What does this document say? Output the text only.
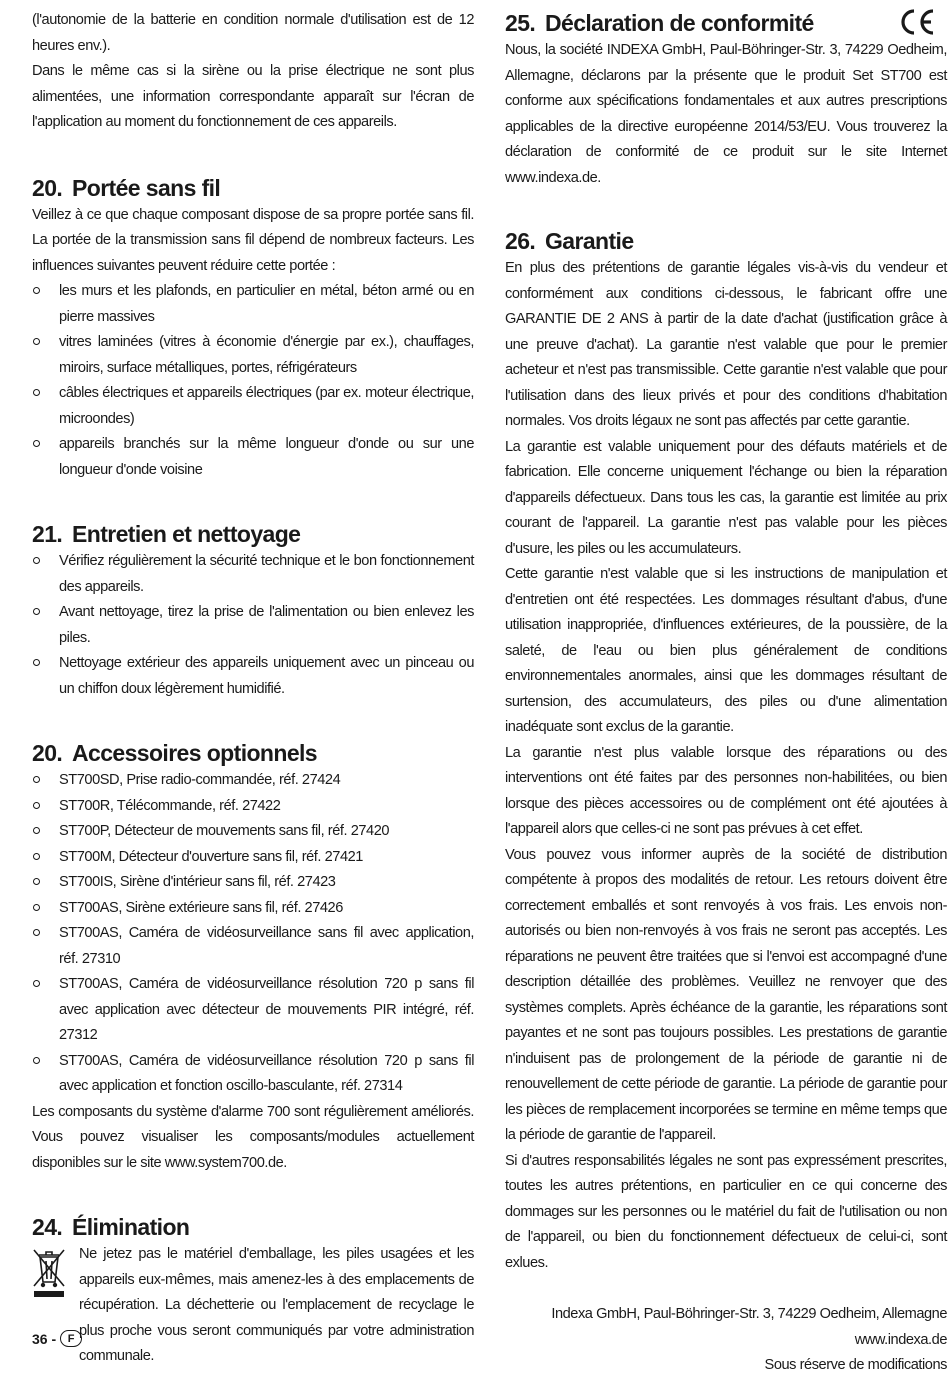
(l'autonomie de la batterie en condition normale d'utilisation est de 12 heures env.).

Dans le même cas si la sirène ou la prise électrique ne sont plus alimentées, une information correspondante apparaît sur l'écran de l'application au moment du fonctionnement de ces appareils.

20. Portée sans fil

Veillez à ce que chaque composant dispose de sa propre portée sans fil. La portée de la transmission sans fil dépend de nombreux facteurs. Les influences suivantes peuvent réduire cette portée :

les murs et les plafonds, en particulier en métal, béton armé ou en pierre massives
vitres laminées (vitres à économie d'énergie par ex.), chauffages, miroirs, surface métalliques, portes, réfrigérateurs
câbles électriques et appareils électriques (par ex. moteur électrique, microondes)
appareils branchés sur la même longueur d'onde ou sur une longueur d'onde voisine
21. Entretien et nettoyage
Vérifiez régulièrement la sécurité technique et le bon fonctionnement des appareils.
Avant nettoyage, tirez la prise de l'alimentation ou bien enlevez les piles.
Nettoyage extérieur des appareils uniquement avec un pinceau ou un chiffon doux légèrement humidifié.
20. Accessoires optionnels
ST700SD, Prise radio-commandée, réf. 27424
ST700R, Télécommande, réf. 27422
ST700P, Détecteur de mouvements sans fil, réf. 27420
ST700M, Détecteur d'ouverture sans fil, réf. 27421
ST700IS, Sirène d'intérieur sans fil, réf. 27423
ST700AS, Sirène extérieure sans fil, réf. 27426
ST700AS, Caméra de vidéosurveillance sans fil avec application, réf. 27310
ST700AS, Caméra de vidéosurveillance résolution 720 p sans fil avec application avec détecteur de mouvements PIR intégré, réf. 27312
ST700AS, Caméra de vidéosurveillance résolution 720 p sans fil avec application et fonction oscillo-basculante, réf. 27314

Les composants du système d'alarme 700 sont régulièrement améliorés. Vous pouvez visualiser les composants/modules actuellement disponibles sur le site www.system700.de.

24. Élimination

Ne jetez pas le matériel d'emballage, les piles usagées et les appareils eux-mêmes, mais amenez-les à des emplacements de récupération. La déchetterie ou l'emplacement de recyclage le plus proche vous seront communiqués par votre administration communale.

25. Déclaration de conformité

Nous, la société INDEXA GmbH, Paul-Böhringer-Str. 3, 74229 Oedheim, Allemagne, déclarons par la présente que le produit Set ST700 est conforme aux spécifications fondamentales et aux autres prescriptions applicables de la directive européenne 2014/53/EU. Vous trouverez la déclaration de conformité de ce produit sur le site Internet www.indexa.de.

26. Garantie

En plus des prétentions de garantie légales vis-à-vis du vendeur et conformément aux conditions ci-dessous, le fabricant offre une GARANTIE DE 2 ANS à partir de la date d'achat (justification grâce à une preuve d'achat). La garantie n'est valable que pour le premier acheteur et n'est pas transmissible. Cette garantie n'est valable que pour l'utilisation dans des lieux privés et pour des conditions d'habitation normales. Vos droits légaux ne sont pas affectés par cette garantie.

La garantie est valable uniquement pour des défauts matériels et de fabrication. Elle concerne uniquement l'échange ou bien la réparation d'appareils défectueux. Dans tous les cas, la garantie est limitée au prix courant de l'appareil. La garantie n'est pas valable pour les pièces d'usure, les piles ou les accumulateurs.

Cette garantie n'est valable que si les instructions de manipulation et d'entretien ont été respectées. Les dommages résultant d'abus, d'une utilisation inappropriée, d'influences extérieures, de la poussière, de la saleté, de l'eau ou bien plus généralement de conditions environnementales anormales, ainsi que les dommages résultant de surtension, des accumulateurs, des piles ou d'une alimentation inadéquate sont exclus de la garantie.

La garantie n'est plus valable lorsque des réparations ou des interventions ont été faites par des personnes non-habilitées, ou bien lorsque des pièces accessoires ou de complément ont été ajoutées à l'appareil alors que celles-ci ne sont pas prévues à cet effet.

Vous pouvez vous informer auprès de la société de distribution compétente à propos des modalités de retour. Les retours doivent être correctement emballés et sont renvoyés à vos frais. Les envois non-autorisés ou bien non-renvoyés à vos frais ne seront pas acceptés. Les réparations ne peuvent être traitées que si l'envoi est accompagné d'une description détaillée des problèmes. Veuillez ne renvoyer que des systèmes complets. Après échéance de la garantie, les réparations sont payantes et ne sont pas toujours possibles. Les prestations de garantie n'induisent pas de prolongement de la période de garantie ni de renouvellement de cette période de garantie. La période de garantie pour les pièces de remplacement incorporées se termine en même temps que la période de garantie de l'appareil.

Si d'autres responsabilités légales ne sont pas expressément prescrites, toutes les autres prétentions, en particulier en ce qui concerne des dommages sur les personnes ou le matériel du fait de l'utilisation ou non de l'appareil, ou bien du fonctionnement défectueux de celui-ci, sont exlues.

Indexa GmbH, Paul-Böhringer-Str. 3, 74229 Oedheim, Allemagne
www.indexa.de
Sous réserve de modifications
36 -	F
